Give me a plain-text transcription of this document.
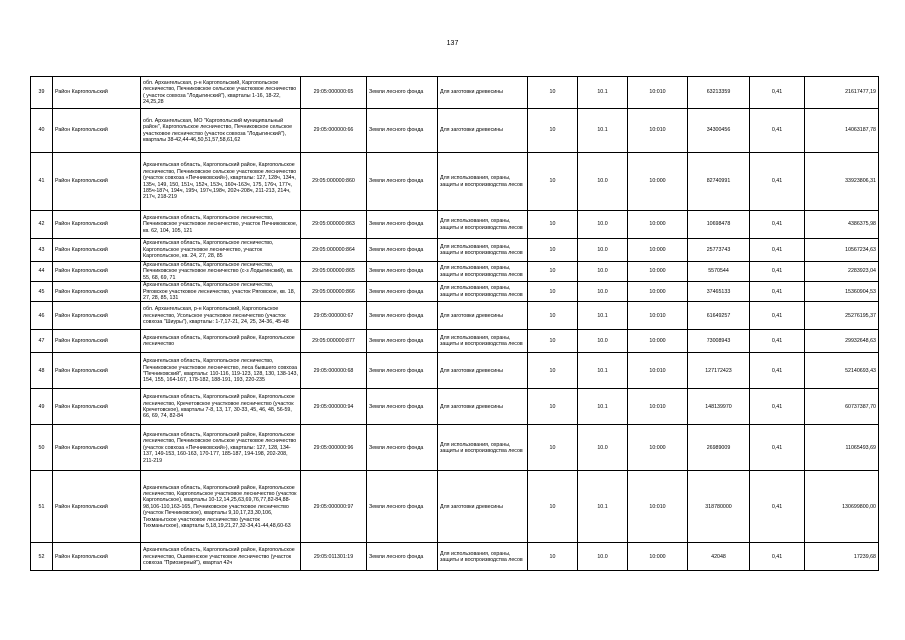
137
39	Район Каргопольский	обл. Архангельская, р-н Каргопольский, Каргопольское лесничество, Печниковское сельское участковое лесничество ( участок совхоза "Лодыгинский"), кварталы 1-16, 18-22, 24,25,28	29:05:000000:65	Земли лесного фонда	Для заготовки древесины	10	10.1	10:010	63213359	0,41	21617477,19
40	Район Каргопольский	обл. Архангельская, МО "Каргопольский муниципальный район", Каргопольское лесничество, Печниковское сельское участковое лесничество (участок совхоза "Лодыгинский"), кварталы 38-42,44-46,50,51,57,58,61,62	29:05:000000:66	Земли лесного фонда	Для заготовки древесины	10	10.1	10:010	34300456	0,41	14063187,78
41	Район Каргопольский	Архангельская область, Каргопольский район, Каргопольское лесничество, Печниковское сельское участковое лесничество (участок совхоза «Печниковский»), кварталы: 127, 128ч, 134ч, 135ч, 149, 150, 151ч, 152ч, 153ч, 160ч-163ч, 175, 176ч, 177ч, 185ч-187ч, 194ч, 195ч, 197ч,198ч, 202ч-208ч, 211-213, 214ч, 217ч, 218-219	29:05:000000:860	Земли лесного фонда	Для использования, охраны, защиты и воспроизводства лесов	10	10.0	10:000	82740991	0,41	33923806,31
42	Район Каргопольский	Архангельская область, Каргопольское лесничество, Печниковское участковое лесничество, участок Печниковское, кв. 62, 104, 105, 121	29:05:000000:863	Земли лесного фонда	Для использования, охраны, защиты и воспроизводства лесов	10	10.0	10:000	10698478	0,41	4386375,98
43	Район Каргопольский	Архангельская область, Каргопольское лесничество, Каргопольское участковое лесничество, участок Каргопольское, кв. 24, 27, 28, 85	29:05:000000:864	Земли лесного фонда	Для использования, охраны, защиты и воспроизводства лесов	10	10.0	10:000	25773743	0,41	10567234,63
44	Район Каргопольский	Архангельская область, Каргопольское лесничество, Печниковское участковое лесничество (с-з Лодыгинский), кв. 55, 68, 69, 71	29:05:000000:865	Земли лесного фонда	Для использования, охраны, защиты и воспроизводства лесов	10	10.0	10:000	5570544	0,41	2283923,04
45	Район Каргопольский	Архангельская область, Каргопольское лесничество, Ряговское участковое лесничество, участок Ряговское, кв. 18, 27, 28, 85, 131	29:05:000000:866	Земли лесного фонда	Для использования, охраны, защиты и воспроизводства лесов	10	10.0	10:000	37465133	0,41	15360904,53
46	Район Каргопольский	обл. Архангельская, р-н Каргопольский, Каргопольское лесничество, Усольское участковое лесничество (участок совхоза "Шиуры"), кварталы: 1-7,17-21, 24, 25, 34-36, 45-48	29:05:000000:67	Земли лесного фонда	Для заготовки древесины	10	10.1	10:010	61649257	0,41	25276195,37
47	Район Каргопольский	Архангельская область, Каргопольский район, Каргопольское лесничество	29:05:000000:877	Земли лесного фонда	Для использования, охраны, защиты и воспроизводства лесов	10	10.0	10:000	73008943	0,41	29932648,63
48	Район Каргопольский	Архангельская область, Каргопольское лесничество, Печниковское участковое лесничество, леса бывшего совхоза "Печниковский", кварталы: 110-116, 119-123, 128, 130, 138-143, 154, 155, 164-167, 178-182, 188-191, 193, 220-235	29:05:000000:68	Земли лесного фонда	Для заготовки древесины	10	10.1	10:010	127172423	0,41	52140693,43
49	Район Каргопольский	Архангельская область, Каргопольский район, Каргопольское лесничество, Кречетовское участковое лесничество (участок Кречетовское), кварталы 7-8, 13, 17, 30-33, 45, 46, 48, 56-59, 66, 69, 74, 82-84	29:05:000000:94	Земли лесного фонда	Для заготовки древесины	10	10.1	10:010	148139970	0,41	60737387,70
50	Район Каргопольский	Архангельская область, Каргопольский район, Каргопольское лесничество, Печниковское сельское участковое лесничество (участок совхоза «Печниковский»), кварталы: 127, 128, 134-137, 149-153, 160-163, 170-177, 185-187, 194-198, 202-208, 211-219	29:05:000000:96	Земли лесного фонда	Для использования, охраны, защиты и воспроизводства лесов	10	10.0	10:000	26989009	0,41	11065493,69
51	Район Каргопольский	Архангельская область, Каргопольский район, Каргопольское лесничество, Каргопольское участковое лесничество (участок Каргопольское), кварталы 10-12,14,25,63,69,76,77,82-84,88-98,106-110,163-165, Печниковское участковое лесничество (участок Печниковское), кварталы 9,10,17,23,30,106, Тихманьгское участковое лесничество (участок Тихманьгское), кварталы 5,18,19,21,27,32-34,41-44,48,60-63	29:05:000000:97	Земли лесного фонда	Для заготовки древесины	10	10.1	10:010	318780000	0,41	130699800,00
52	Район Каргопольский	Архангельская область, Каргопольский район, Каргопольское лесничество, Ошевенское участковое лесничество (участок совхоза "Приозерный"), квартал 42ч	29:05:011301:19	Земли лесного фонда	Для использования, охраны, защиты и воспроизводства лесов	10	10.0	10:000	42048	0,41	17239,68
